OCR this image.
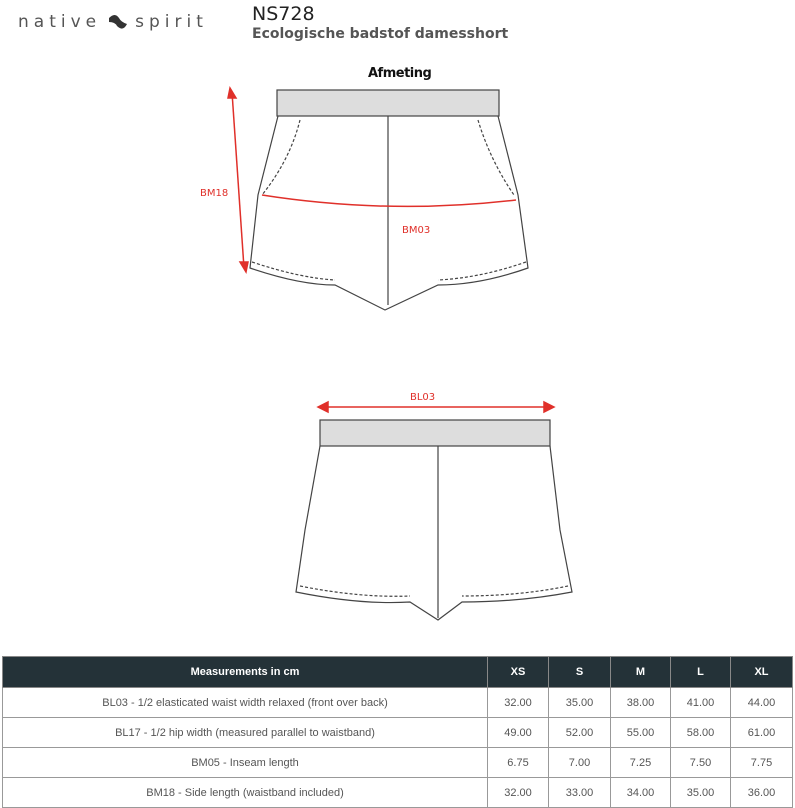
native spirit NS728
Ecologische badstof damesshort
Afmeting
BM18
BM03
BL03
Measurements in cm	XS	S	M	L	XL
BL03 - 1/2 elasticated waist width relaxed (front over back)	32.00	35.00	38.00	41.00	44.00
BL17 - 1/2 hip width (measured parallel to waistband)	49.00	52.00	55.00	58.00	61.00
BM05 - Inseam length	6.75	7.00	7.25	7.50	7.75
BM18 - Side length (waistband included)	32.00	33.00	34.00	35.00	36.00
